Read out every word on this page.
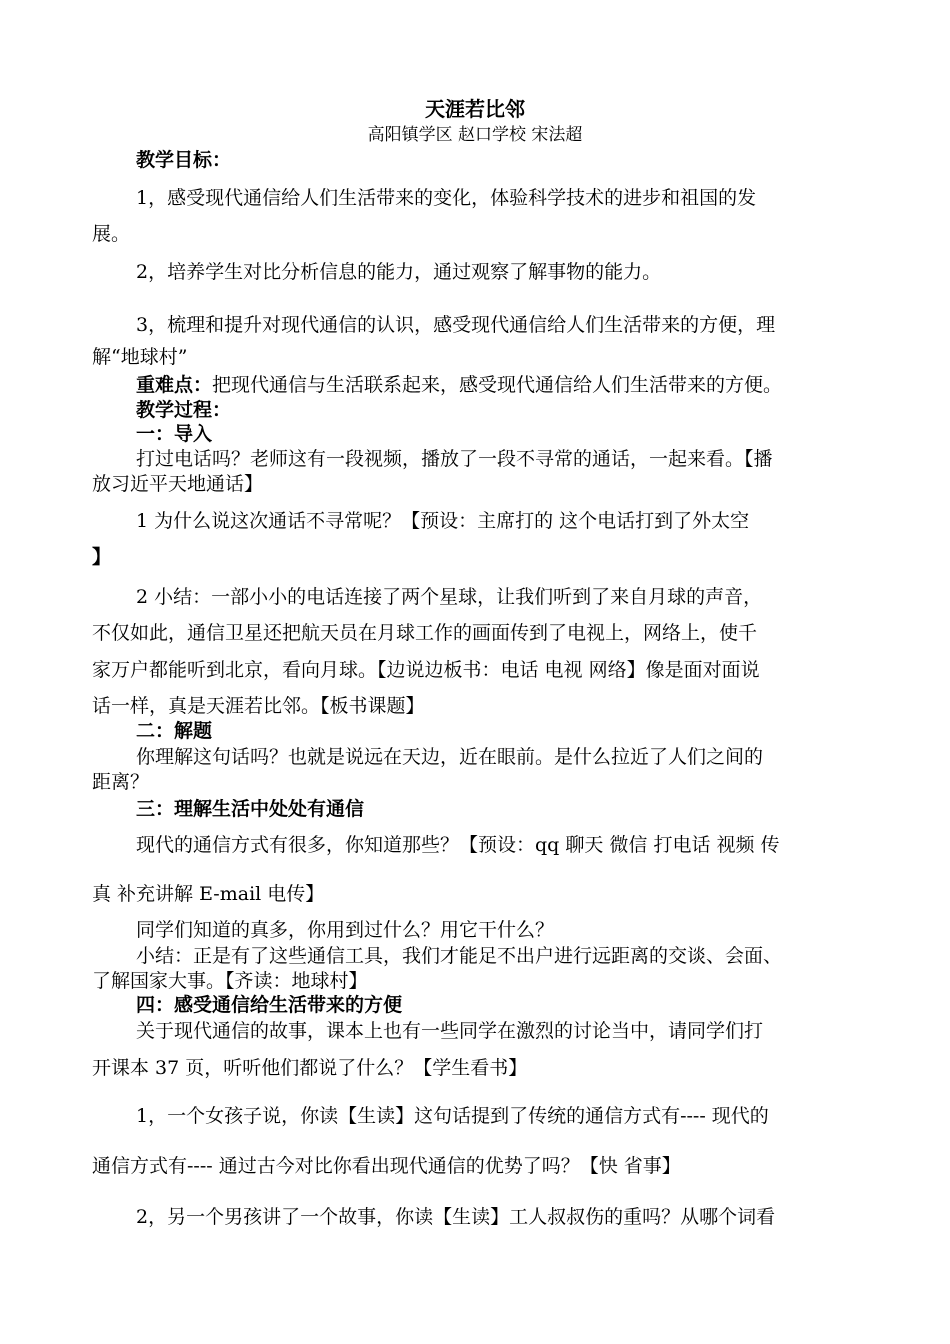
天涯若比邻
高阳镇学区 赵口学校 宋法超
教学目标：
1，感受现代通信给人们生活带来的变化，体验科学技术的进步和祖国的发
展。
2，培养学生对比分析信息的能力，通过观察了解事物的能力。
3，梳理和提升对现代通信的认识，感受现代通信给人们生活带来的方便，理
解“地球村”
重难点：把现代通信与生活联系起来，感受现代通信给人们生活带来的方便。
教学过程：
一：导入
打过电话吗？老师这有一段视频，播放了一段不寻常的通话，一起来看。【播
放习近平天地通话】
1 为什么说这次通话不寻常呢？【预设：主席打的 这个电话打到了外太空
】
2 小结：一部小小的电话连接了两个星球，让我们听到了来自月球的声音，
不仅如此，通信卫星还把航天员在月球工作的画面传到了电视上，网络上，使千
家万户都能听到北京，看向月球。【边说边板书：电话 电视 网络】像是面对面说
话一样，真是天涯若比邻。【板书课题】
二：解题
你理解这句话吗？也就是说远在天边，近在眼前。是什么拉近了人们之间的
距离？
三：理解生活中处处有通信
现代的通信方式有很多，你知道那些？【预设：qq 聊天 微信 打电话 视频 传
真 补充讲解 E-mail 电传】
同学们知道的真多，你用到过什么？用它干什么？
小结：正是有了这些通信工具，我们才能足不出户进行远距离的交谈、会面、
了解国家大事。【齐读：地球村】
四：感受通信给生活带来的方便
关于现代通信的故事，课本上也有一些同学在激烈的讨论当中，请同学们打
开课本 37 页，听听他们都说了什么？【学生看书】
1，一个女孩子说，你读【生读】这句话提到了传统的通信方式有---- 现代的
通信方式有---- 通过古今对比你看出现代通信的优势了吗？【快 省事】
2，另一个男孩讲了一个故事，你读【生读】工人叔叔伤的重吗？从哪个词看
